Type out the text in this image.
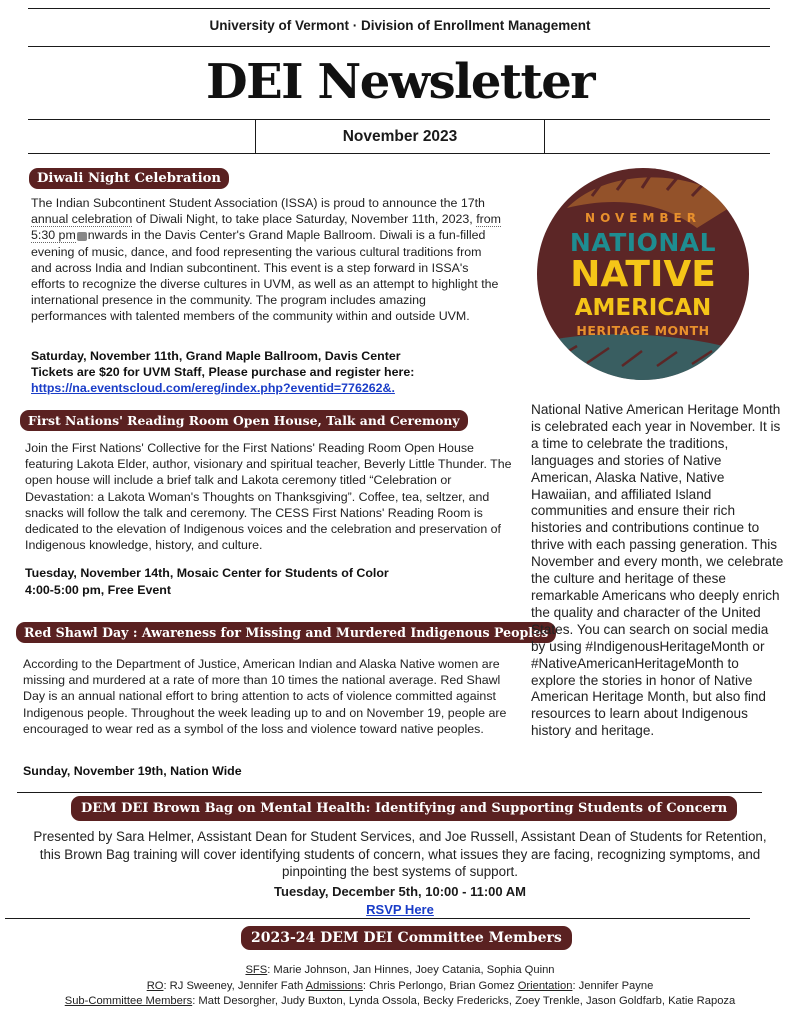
University of Vermont · Division of Enrollment Management
DEI Newsletter
November 2023
Diwali Night Celebration
The Indian Subcontinent Student Association (ISSA) is proud to announce the 17th annual celebration of Diwali Night, to take place Saturday, November 11th, 2023, from 5:30 pm nwards in the Davis Center's Grand Maple Ballroom. Diwali is a fun-filled evening of music, dance, and food representing the various cultural traditions from and across India and Indian subcontinent. This event is a step forward in ISSA's efforts to recognize the diverse cultures in UVM, as well as an attempt to highlight the international presence in the community. The program includes amazing performances with talented members of the community within and outside UVM.
Saturday, November 11th, Grand Maple Ballroom, Davis Center
Tickets are $20 for UVM Staff, Please purchase and register here:
https://na.eventscloud.com/ereg/index.php?eventid=776262&.
First Nations' Reading Room Open House, Talk and Ceremony
Join the First Nations' Collective for the First Nations' Reading Room Open House featuring Lakota Elder, author, visionary and spiritual teacher, Beverly Little Thunder. The open house will include a brief talk and Lakota ceremony titled “Celebration or Devastation: a Lakota Woman's Thoughts on Thanksgiving”. Coffee, tea, seltzer, and snacks will follow the talk and ceremony. The CESS First Nations' Reading Room is dedicated to the elevation of Indigenous voices and the celebration and preservation of Indigenous knowledge, history, and culture.
Tuesday, November 14th, Mosaic Center for Students of Color
4:00-5:00 pm, Free Event
Red Shawl Day : Awareness for Missing and Murdered Indigenous Peoples
According to the Department of Justice, American Indian and Alaska Native women are missing and murdered at a rate of more than 10 times the national average. Red Shawl Day is an annual national effort to bring attention to acts of violence committed against Indigenous people. Throughout the week leading up to and on November 19, people are encouraged to wear red as a symbol of the loss and violence toward native peoples.
Sunday, November 19th, Nation Wide
NOVEMBER
NATIONAL
NATIVE
AMERICAN
HERITAGE MONTH
National Native American Heritage Month is celebrated each year in November. It is a time to celebrate the traditions, languages and stories of Native American, Alaska Native, Native Hawaiian, and affiliated Island communities and ensure their rich histories and contributions continue to thrive with each passing generation. This November and every month, we celebrate the culture and heritage of these remarkable Americans who deeply enrich the quality and character of the United States. You can search on social media by using #IndigenousHeritageMonth or #NativeAmericanHeritageMonth to explore the stories in honor of Native American Heritage Month, but also find resources to learn about Indigenous history and heritage.
DEM DEI Brown Bag on Mental Health: Identifying and Supporting Students of Concern
Presented by Sara Helmer, Assistant Dean for Student Services, and Joe Russell, Assistant Dean of Students for Retention, this Brown Bag training will cover identifying students of concern, what issues they are facing, recognizing symptoms, and pinpointing the best systems of support.
Tuesday, December 5th, 10:00 - 11:00 AM
RSVP Here
2023-24 DEM DEI Committee Members
SFS: Marie Johnson, Jan Hinnes, Joey Catania, Sophia Quinn
RO: RJ Sweeney, Jennifer Fath Admissions: Chris Perlongo, Brian Gomez Orientation: Jennifer Payne
Sub-Committee Members: Matt Desorgher, Judy Buxton, Lynda Ossola, Becky Fredericks, Zoey Trenkle, Jason Goldfarb, Katie Rapoza
